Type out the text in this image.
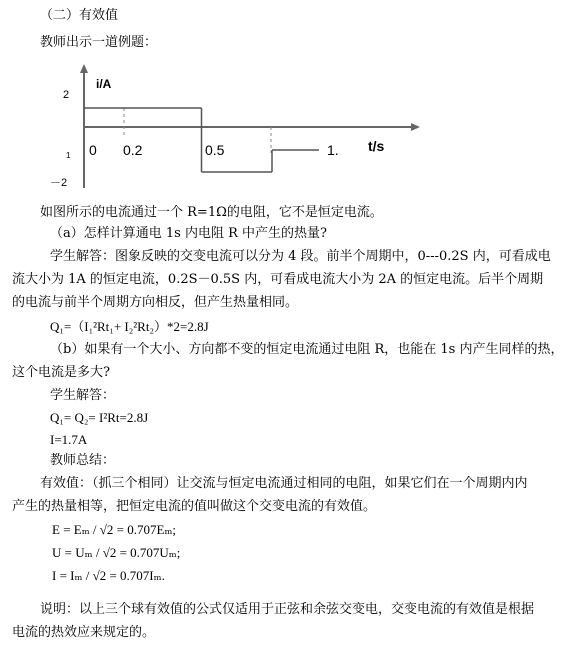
（二）有效值
教师出示一道例题：
i/A
2
1
－2
0 0.2	0.5	1. t/s
如图所示的电流通过一个 R=1Ω的电阻，它不是恒定电流。
（a）怎样计算通电 1s 内电阻 R 中产生的热量?
学生解答：图象反映的交变电流可以分为 4 段。前半个周期中，0---0.2S 内，可看成电
流大小为 1A 的恒定电流，0.2S－0.5S 内，可看成电流大小为 2A 的恒定电流。后半个周期
的电流与前半个周期方向相反，但产生热量相同。
Q₁=（I₁²Rt₁+ I₂²Rt₂）*2=2.8J
（b）如果有一个大小、方向都不变的恒定电流通过电阻 R，也能在 1s 内产生同样的热，
这个电流是多大?
学生解答：
Q₁= Q₂= I²Rt=2.8J
I=1.7A
教师总结：
有效值：（抓三个相同）让交流与恒定电流通过相同的电阻，如果它们在一个周期内内
产生的热量相等，把恒定电流的值叫做这个交变电流的有效值。
E = Eₘ / √2 = 0.707Eₘ;
U = Uₘ / √2 = 0.707Uₘ;
I = Iₘ / √2 = 0.707Iₘ.
说明：以上三个球有效值的公式仅适用于正弦和余弦交变电，交变电流的有效值是根据
电流的热效应来规定的。
